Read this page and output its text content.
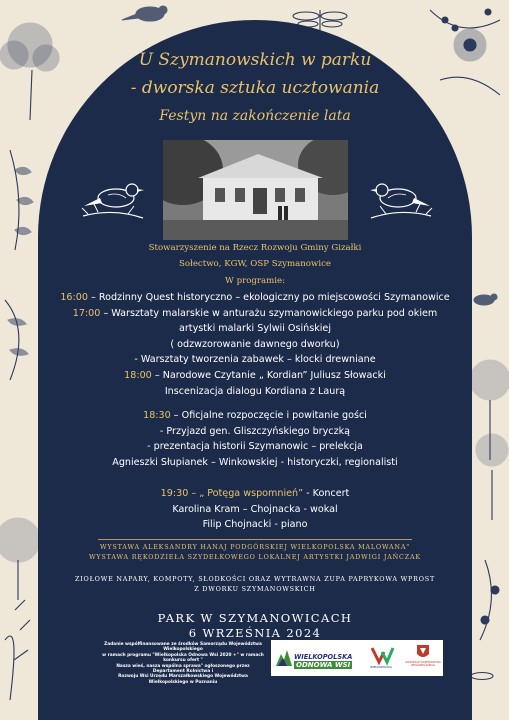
U Szymanowskich w parku
- dworska sztuka ucztowania
Festyn na zakończenie lata
Stowarzyszenie na Rzecz Rozwoju Gminy Gizałki
Sołectwo, KGW, OSP Szymanowice
W programie:
16:00 – Rodzinny Quest historyczno – ekologiczny po miejscowości Szymanowice
17:00 – Warsztaty malarskie w anturażu szymanowickiego parku pod okiem
artystki malarki Sylwii Osińskiej
( odzwzorowanie dawnego dworku)
- Warsztaty tworzenia zabawek – klocki drewniane
18:00 – Narodowe Czytanie „ Kordian” Juliusz Słowacki
Inscenizacja dialogu Kordiana z Laurą
18:30 – Oficjalne rozpoczęcie i powitanie gości
- Przyjazd gen. Gliszczyńskiego bryczką
- prezentacja historii Szymanowic – prelekcja
Agnieszki Słupianek – Winkowskiej - historyczki, regionalisti
19:30 – „ Potęga wspomnień” - Koncert
Karolina Kram – Chojnacka - wokal
Filip Chojnacki - piano
WYSTAWA ALEKSANDRY HANAJ PODGÓRSKIEJ WIELKOPOLSKA MALOWANA"
WYSTAWA RĘKODZIEŁA SZYDEŁKOWEGO LOKALNEJ ARTYSTKI JADWIGI JAŃCZAK
ZIOŁOWE NAPARY, KOMPOTY, SŁODKOŚCI ORAZ WYTRAWNA ZUPA PAPRYKOWA WPROST
Z DWORKU SZYMANOWSKICH
PARK W SZYMANOWICACH
6 WRZEŚNIA 2024
Zadanie współfinansowane ze środków Samorządu Województwa Wielkopolskiego
w ramach programu "Wielkopolska Odnowa Wsi 2020 +" w ramach konkursu ofert "
Nasza wieś, nasza wspólna sprawa" ogłoszonego przez Departament Rolnictwa i
Rozwoju Wsi Urzędu Marszałkowskiego Województwa Wielkopolskiego w Poznaniu
WIELKOPOLSKA
ODNOWA WSI	WIELKOPOLSKA
SAMORZĄD WOJEWÓDZTWA WIELKOPOLSKIEGO
